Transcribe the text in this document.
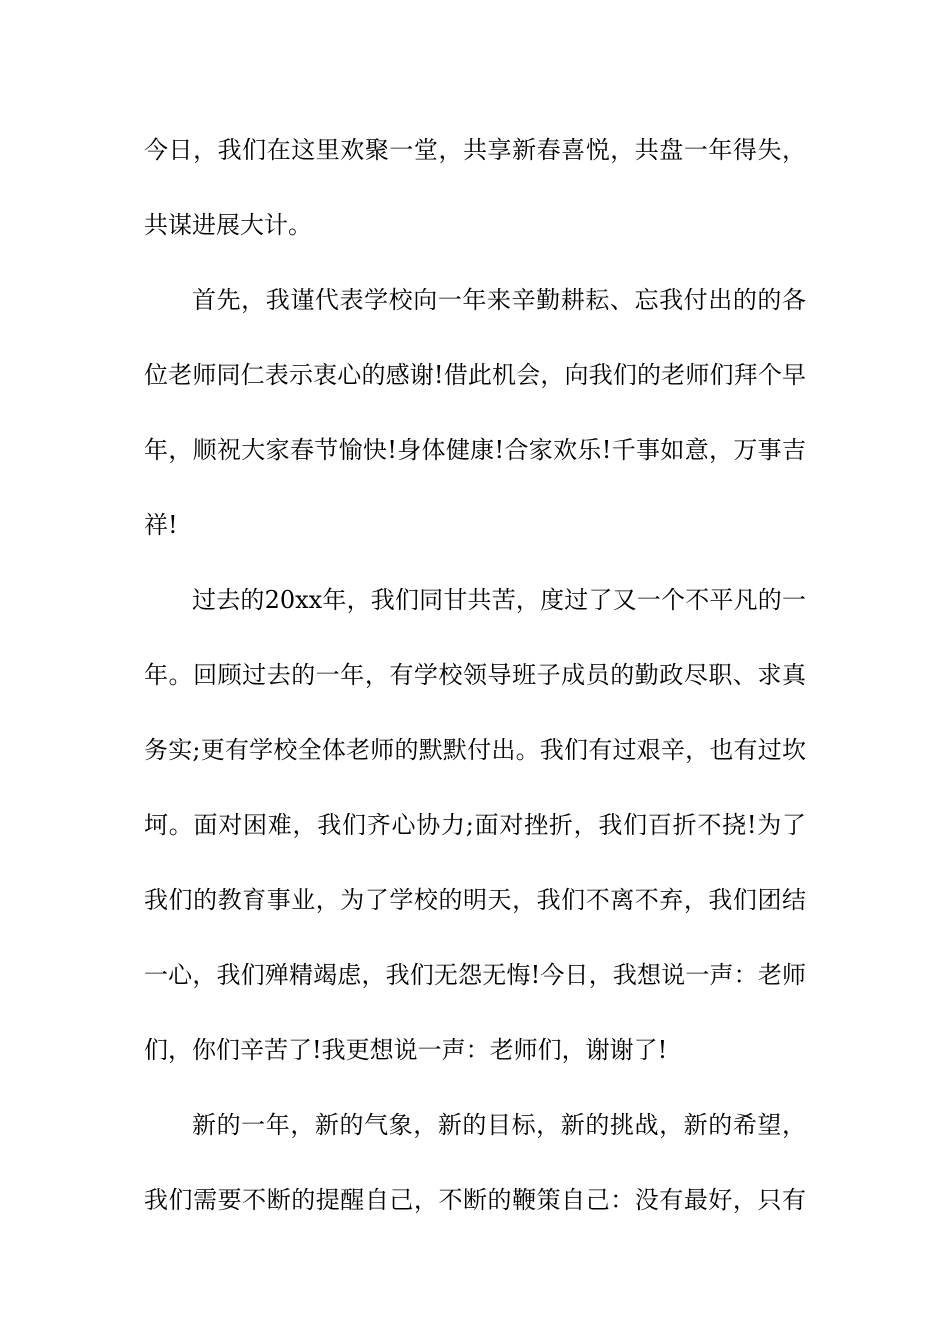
今日，我们在这里欢聚一堂，共享新春喜悦，共盘一年得失，
共谋进展大计。
首先，我谨代表学校向一年来辛勤耕耘、忘我付出的的各
位老师同仁表示衷心的感谢!借此机会，向我们的老师们拜个早
年，顺祝大家春节愉快!身体健康!合家欢乐!千事如意，万事吉
祥!
过去的20xx年，我们同甘共苦，度过了又一个不平凡的一
年。回顾过去的一年，有学校领导班子成员的勤政尽职、求真
务实;更有学校全体老师的默默付出。我们有过艰辛，也有过坎
坷。面对困难，我们齐心协力;面对挫折，我们百折不挠!为了
我们的教育事业，为了学校的明天，我们不离不弃，我们团结
一心，我们殚精竭虑，我们无怨无悔!今日，我想说一声：老师
们，你们辛苦了!我更想说一声：老师们，谢谢了!
新的一年，新的气象，新的目标，新的挑战，新的希望，
我们需要不断的提醒自己，不断的鞭策自己：没有最好，只有
